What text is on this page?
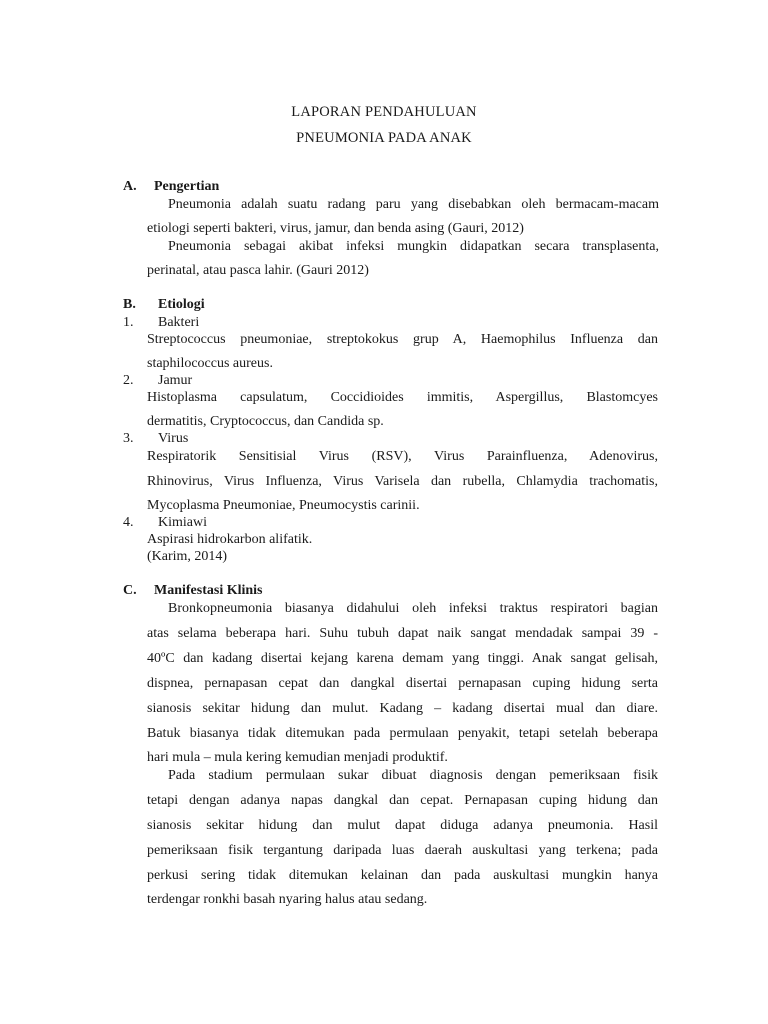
LAPORAN PENDAHULUAN

PNEUMONIA PADA ANAK

A. Pengertian

Pneumonia adalah suatu radang paru yang disebabkan oleh bermacam-macam

etiologi seperti bakteri, virus, jamur, dan benda asing (Gauri, 2012)

Pneumonia sebagai akibat infeksi mungkin didapatkan secara transplasenta,

perinatal, atau pasca lahir. (Gauri 2012)

B. Etiologi

1. Bakteri

Streptococcus pneumoniae, streptokokus grup A, Haemophilus Influenza dan

staphilococcus aureus.

2. Jamur

Histoplasma capsulatum, Coccidioides immitis, Aspergillus, Blastomcyes

dermatitis, Cryptococcus, dan Candida sp.

3. Virus

Respiratorik Sensitisial Virus (RSV), Virus Parainfluenza, Adenovirus,

Rhinovirus, Virus Influenza, Virus Varisela dan rubella, Chlamydia trachomatis,

Mycoplasma Pneumoniae, Pneumocystis carinii.

4. Kimiawi

Aspirasi hidrokarbon alifatik.

(Karim, 2014)

C. Manifestasi Klinis

Bronkopneumonia biasanya didahului oleh infeksi traktus respiratori bagian

atas selama beberapa hari. Suhu tubuh dapat naik sangat mendadak sampai 39 -

40ºC dan kadang disertai kejang karena demam yang tinggi. Anak sangat gelisah,

dispnea, pernapasan cepat dan dangkal disertai pernapasan cuping hidung serta

sianosis sekitar hidung dan mulut. Kadang – kadang disertai mual dan diare.

Batuk biasanya tidak ditemukan pada permulaan penyakit, tetapi setelah beberapa

hari mula – mula kering kemudian menjadi produktif.

Pada stadium permulaan sukar dibuat diagnosis dengan pemeriksaan fisik

tetapi dengan adanya napas dangkal dan cepat. Pernapasan cuping hidung dan

sianosis sekitar hidung dan mulut dapat diduga adanya pneumonia. Hasil

pemeriksaan fisik tergantung daripada luas daerah auskultasi yang terkena; pada

perkusi sering tidak ditemukan kelainan dan pada auskultasi mungkin hanya

terdengar ronkhi basah nyaring halus atau sedang.
